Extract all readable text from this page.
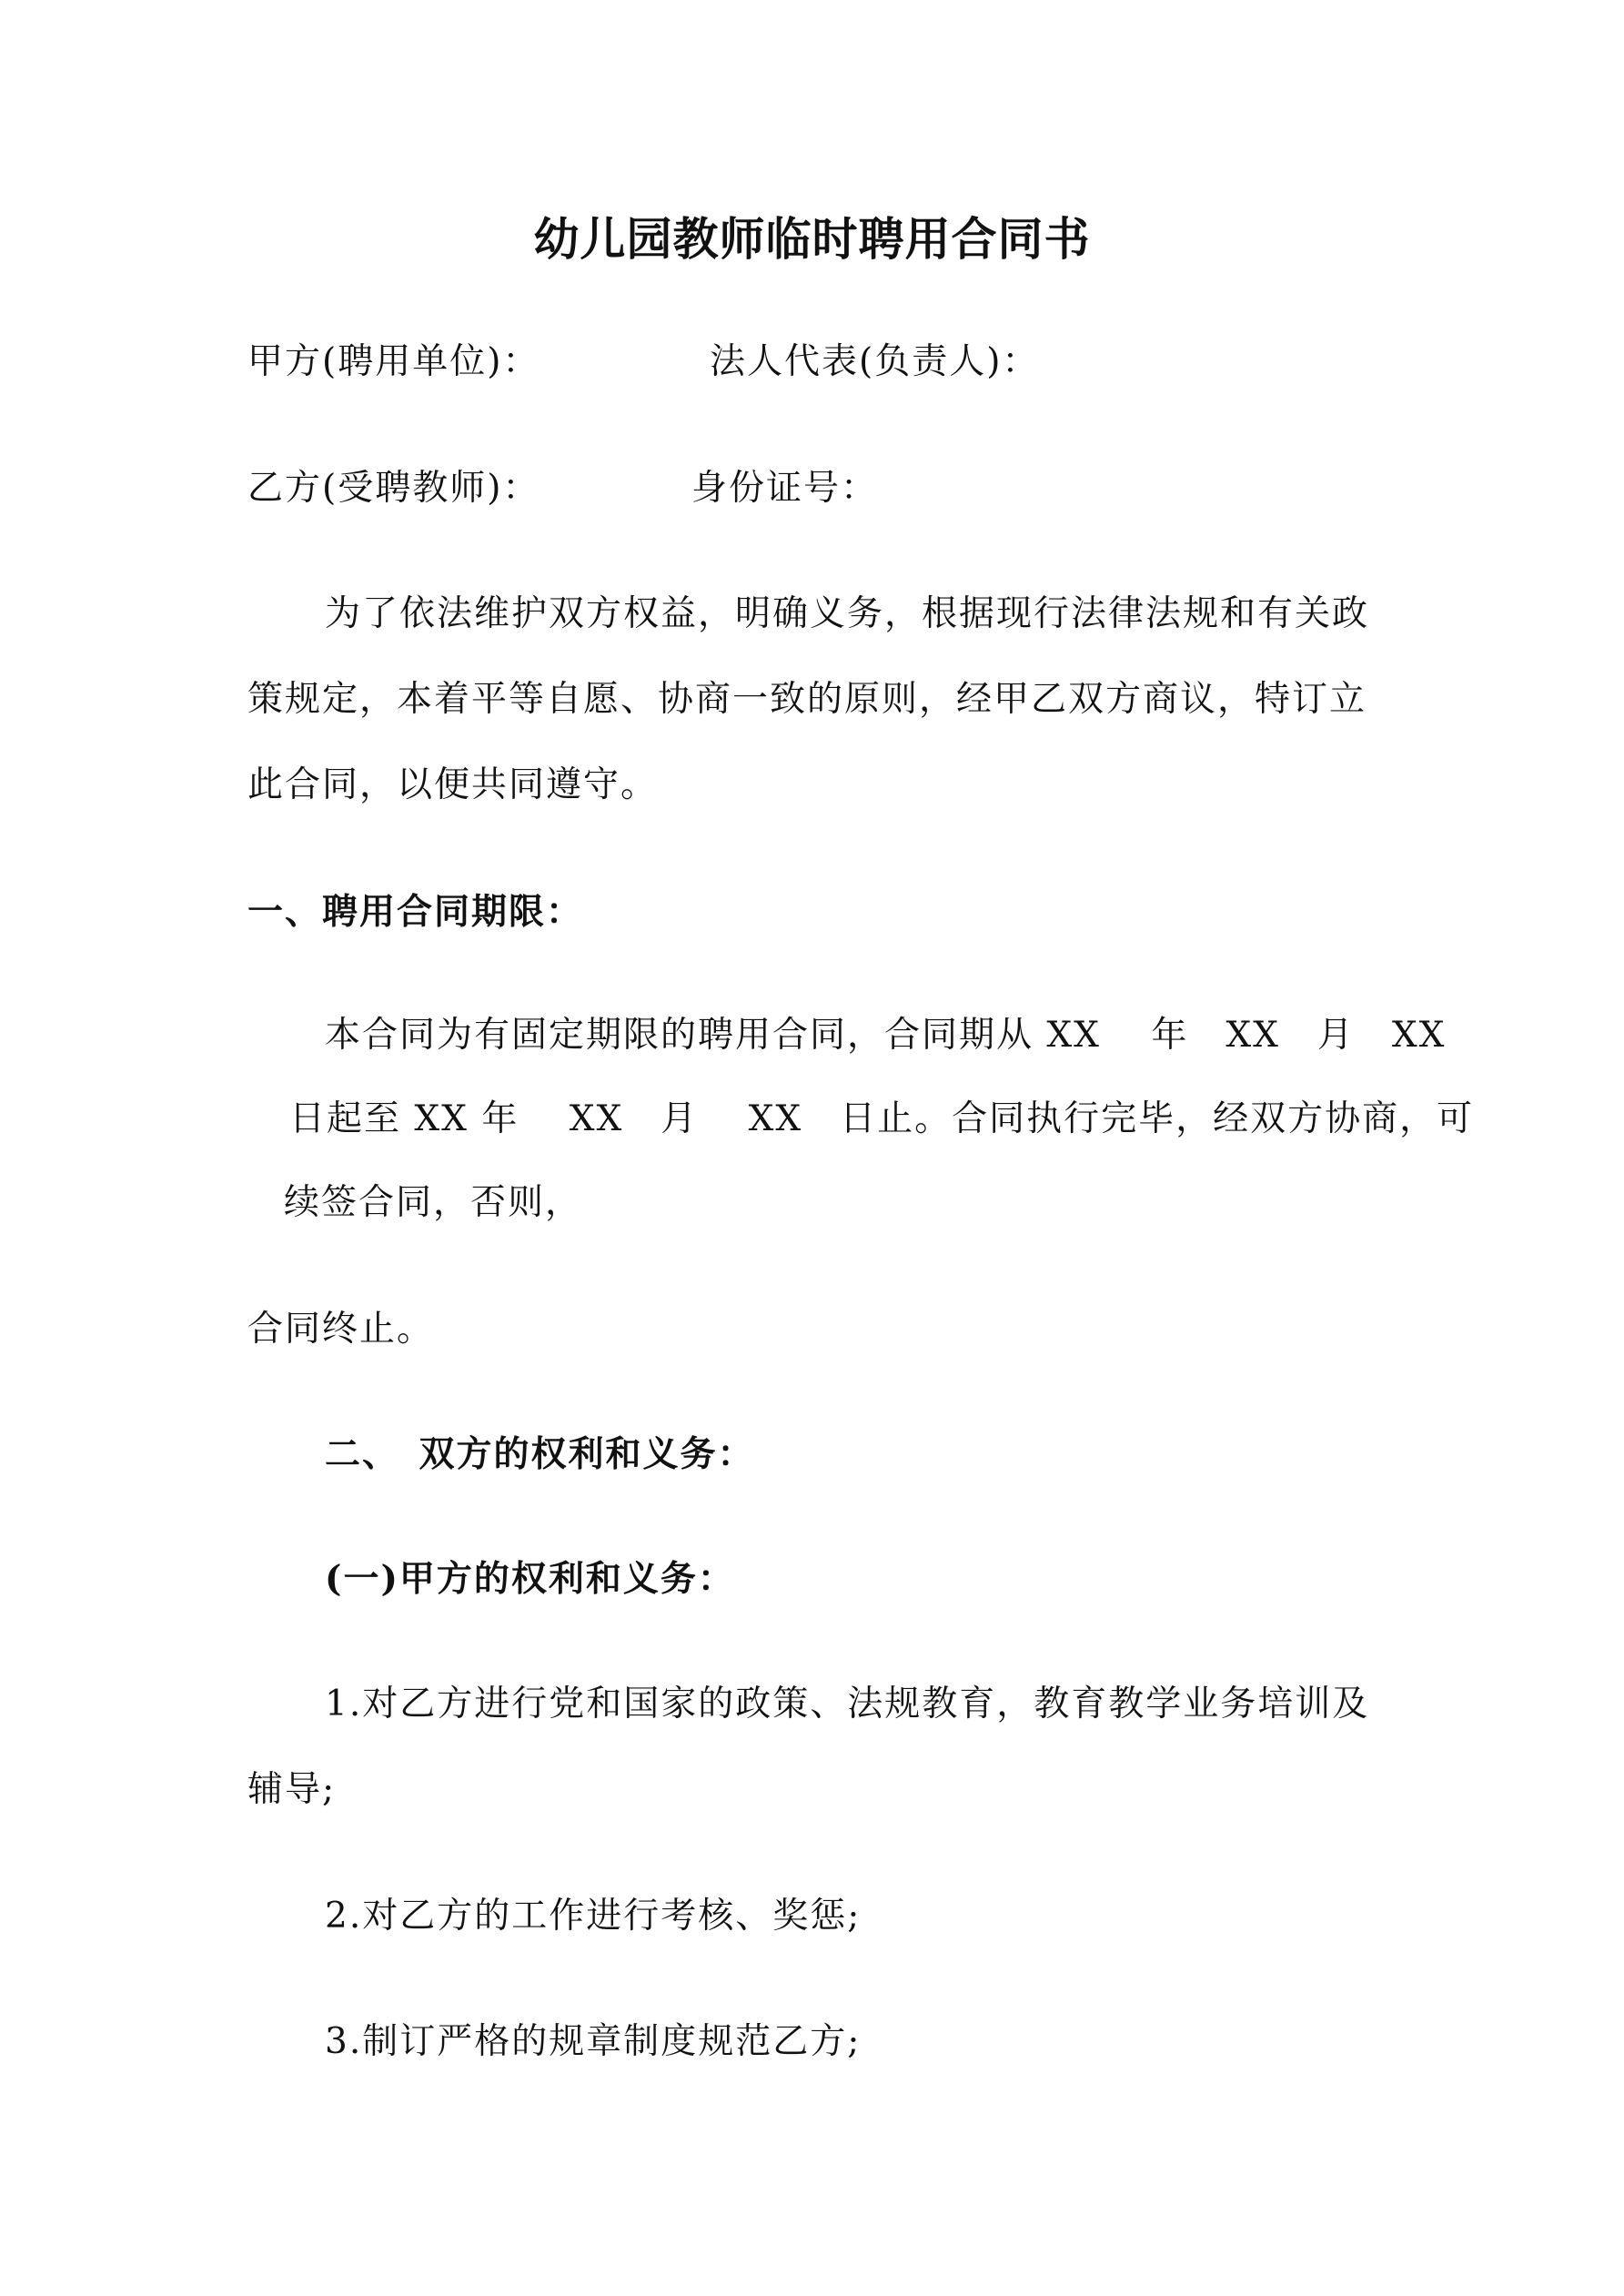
幼儿园教师临时聘用合同书
甲方(聘用单位)：	法人代表(负责人)：
乙方(受聘教师)：	身份证号：
为了依法维护双方权益，明确义务，根据现行法律法规和有关政
策规定，本着平等自愿、协商一致的原则，经甲乙双方商议，特订立
此合同，以便共同遵守。
一、聘用合同期限：
本合同为有固定期限的聘用合同，合同期从 XX　 年　XX　月　XX
日起至 XX 年　 XX　月　 XX　日止。合同执行完毕，经双方协商，可
续签合同，否则，
合同终止。
二、　双方的权利和义务：
(一)甲方的权利和义务：
1.对乙方进行党和国家的政策、法规教育，教育教学业务培训及
辅导;
2.对乙方的工作进行考核、奖惩;
3.制订严格的规章制度规范乙方;
